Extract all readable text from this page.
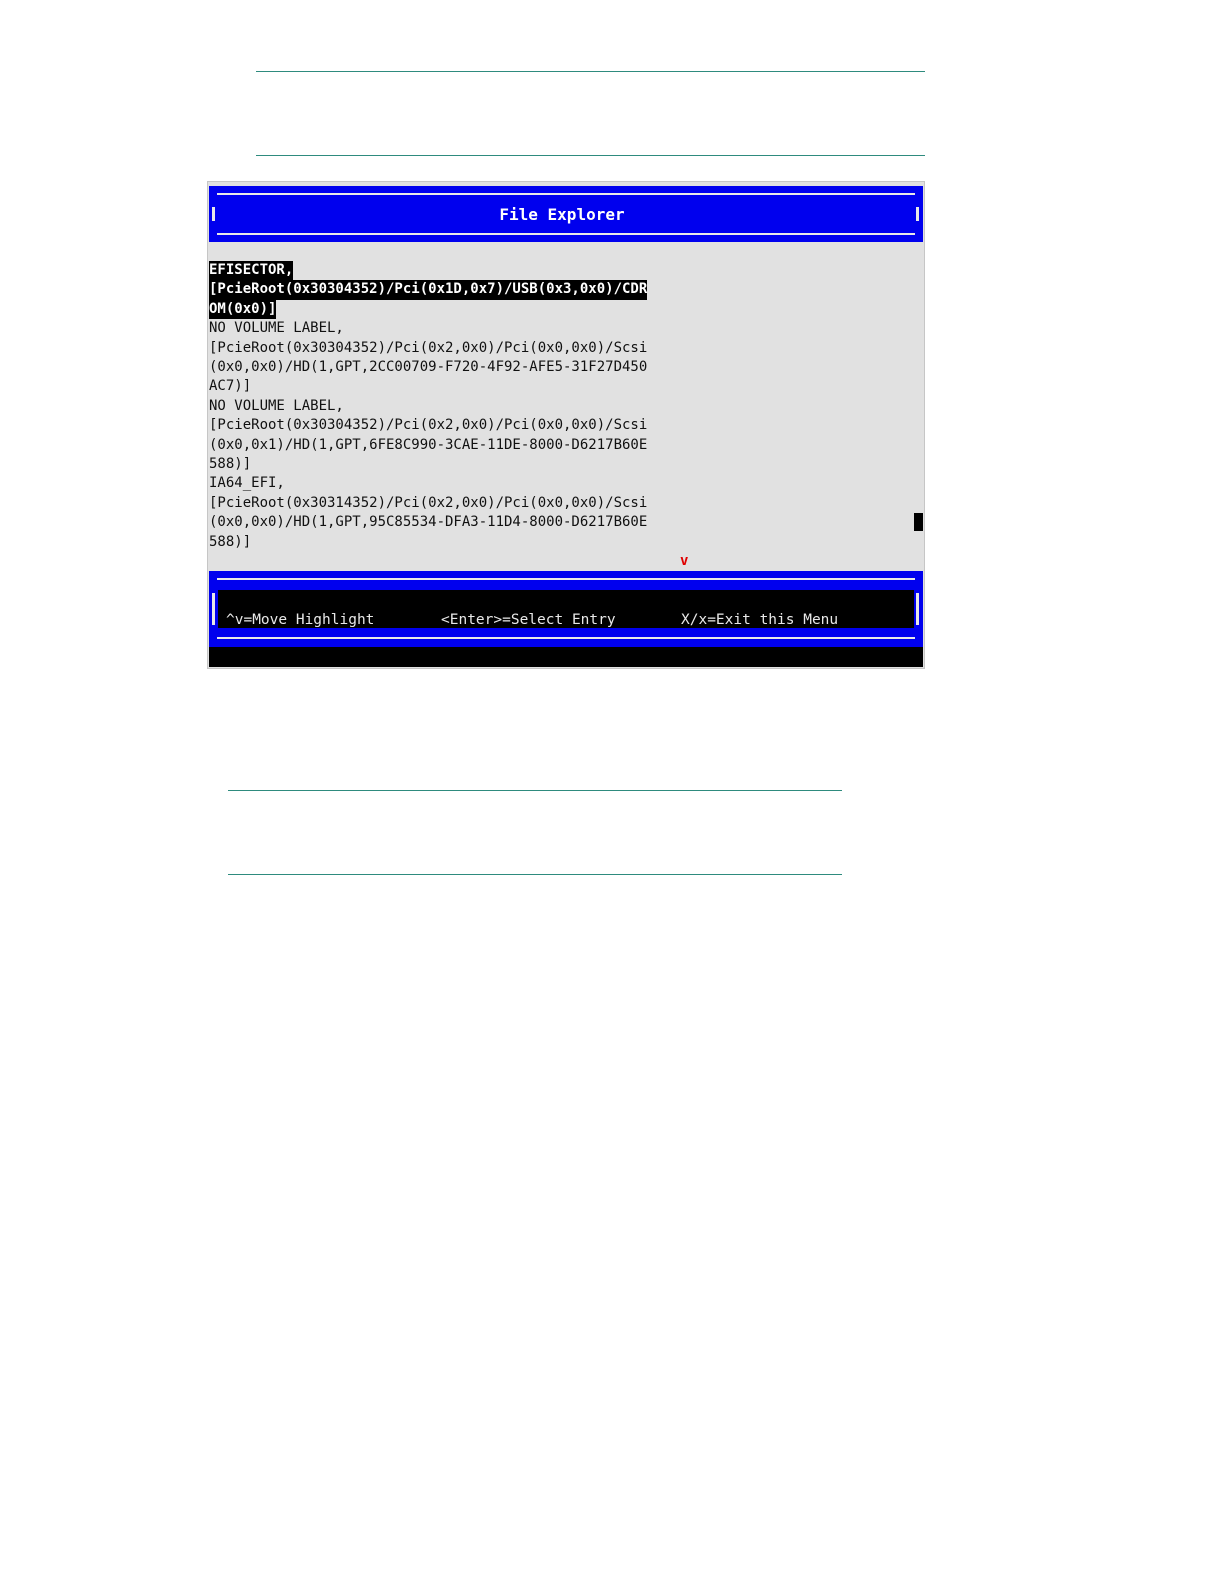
File Explorer
EFISECTOR,
[PcieRoot(0x30304352)/Pci(0x1D,0x7)/USB(0x3,0x0)/CDR
OM(0x0)]
NO VOLUME LABEL,
[PcieRoot(0x30304352)/Pci(0x2,0x0)/Pci(0x0,0x0)/Scsi
(0x0,0x0)/HD(1,GPT,2CC00709-F720-4F92-AFE5-31F27D450
AC7)]
NO VOLUME LABEL,
[PcieRoot(0x30304352)/Pci(0x2,0x0)/Pci(0x0,0x0)/Scsi
(0x0,0x1)/HD(1,GPT,6FE8C990-3CAE-11DE-8000-D6217B60E
588)]
IA64_EFI,
[PcieRoot(0x30314352)/Pci(0x2,0x0)/Pci(0x0,0x0)/Scsi
(0x0,0x0)/HD(1,GPT,95C85534-DFA3-11D4-8000-D6217B60E
588)]
v
^v=Move Highlight	<Enter>=Select Entry	X/x=Exit this Menu
